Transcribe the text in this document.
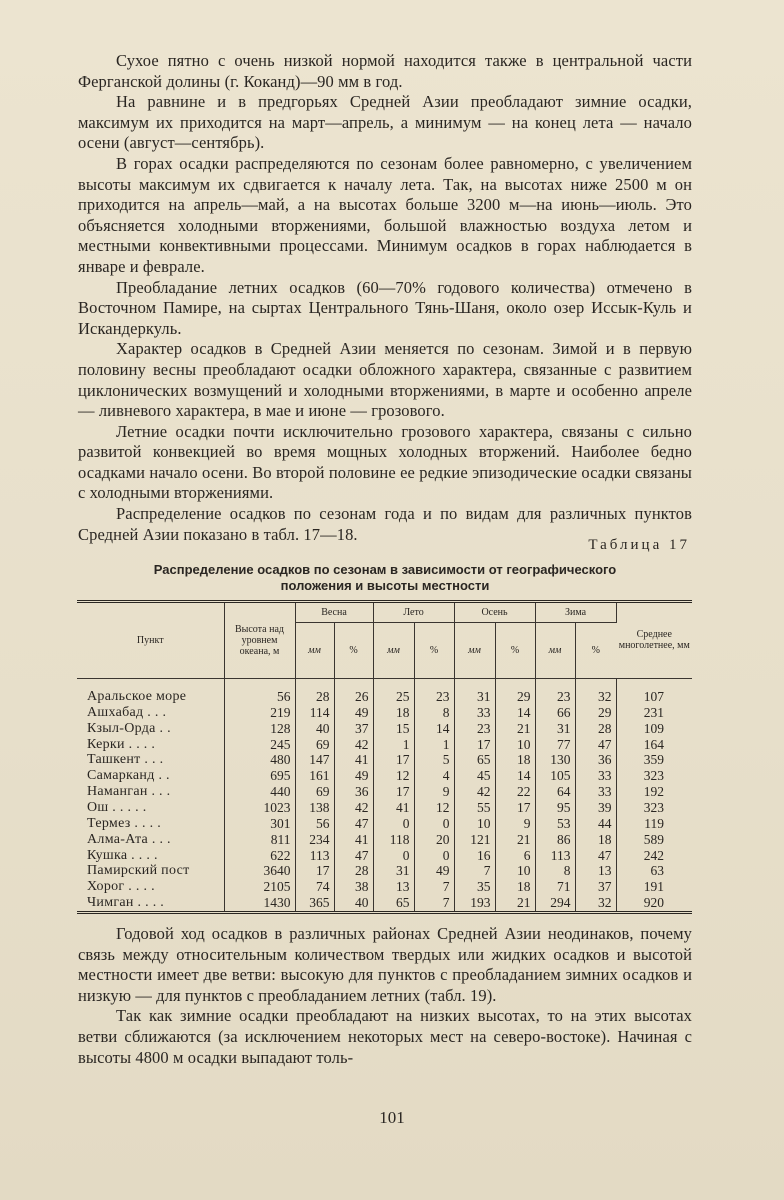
Сухое пятно с очень низкой нормой находится также в центральной части Ферганской долины (г. Коканд)—90 мм в год.

На равнине и в предгорьях Средней Азии преобладают зимние осадки, максимум их приходится на март—апрель, а минимум — на конец лета — начало осени (август—сентябрь).

В горах осадки распределяются по сезонам более равномерно, с увеличением высоты максимум их сдвигается к началу лета. Так, на высотах ниже 2500 м он приходится на апрель—май, а на высотах больше 3200 м—на июнь—июль. Это объясняется холодными вторжениями, большой влажностью воздуха летом и местными конвективными процессами. Минимум осадков в горах наблюдается в январе и феврале.

Преобладание летних осадков (60—70% годового количества) отмечено в Восточном Памире, на сыртах Центрального Тянь-Шаня, около озер Иссык-Куль и Искандеркуль.

Характер осадков в Средней Азии меняется по сезонам. Зимой и в первую половину весны преобладают осадки обложного характера, связанные с развитием циклонических возмущений и холодными вторжениями, в марте и особенно апреле — ливневого характера, в мае и июне — грозового.

Летние осадки почти исключительно грозового характера, связаны с сильно развитой конвекцией во время мощных холодных вторжений. Наиболее бедно осадками начало осени. Во второй половине ее редкие эпизодические осадки связаны с холодными вторжениями.

Распределение осадков по сезонам года и по видам для различных пунктов Средней Азии показано в табл. 17—18.

Таблица 17
Распределение осадков по сезонам в зависимости от географического
положения и высоты местности
Пункт	Высота над уровнем океана, м	Весна		Лето		Осень		Зима		Среднее многолетнее, мм
		мм	%	мм	%	мм	%	мм	%	
Аральское море	56	28	26	25	23	31	29	23	32	107
Ашхабад . . .	219	114	49	18	8	33	14	66	29	231
Кзыл-Орда . .	128	40	37	15	14	23	21	31	28	109
Керки . . . .	245	69	42	1	1	17	10	77	47	164
Ташкент . . .	480	147	41	17	5	65	18	130	36	359
Самарканд . .	695	161	49	12	4	45	14	105	33	323
Наманган . . .	440	69	36	17	9	42	22	64	33	192
Ош . . . . .	1023	138	42	41	12	55	17	95	39	323
Термез . . . .	301	56	47	0	0	10	9	53	44	119
Алма-Ата . . .	811	234	41	118	20	121	21	86	18	589
Кушка . . . .	622	113	47	0	0	16	6	113	47	242
Памирский пост	3640	17	28	31	49	7	10	8	13	63
Хорог . . . .	2105	74	38	13	7	35	18	71	37	191
Чимган . . . .	1430	365	40	65	7	193	21	294	32	920

Годовой ход осадков в различных районах Средней Азии неодинаков, почему связь между относительным количеством твердых или жидких осадков и высотой местности имеет две ветви: высокую для пунктов с преобладанием зимних осадков и низкую — для пунктов с преобладанием летних (табл. 19).

Так как зимние осадки преобладают на низких высотах, то на этих высотах ветви сближаются (за исключением некоторых мест на северо-востоке). Начиная с высоты 4800 м осадки выпадают толь-

101
